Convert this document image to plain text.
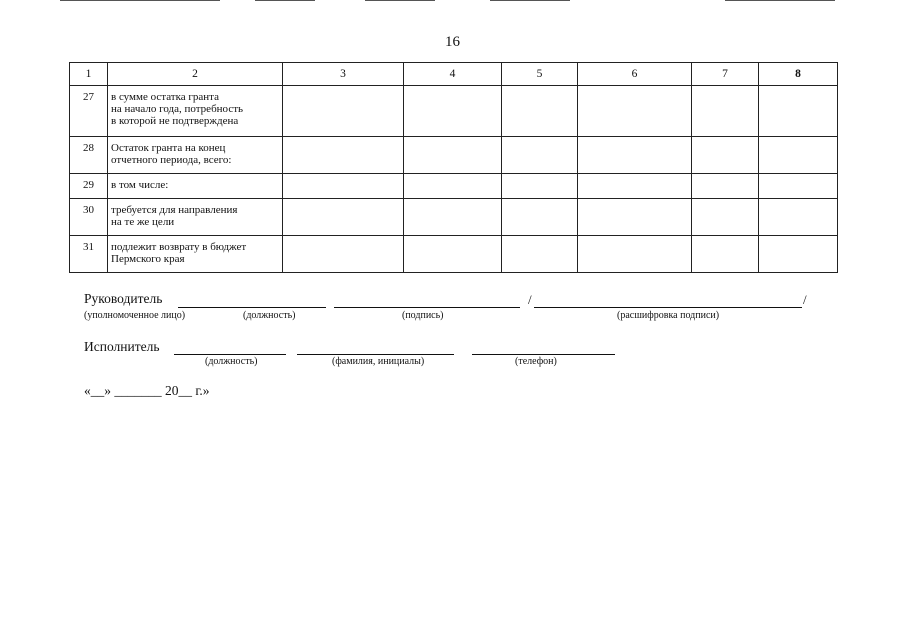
16
1	2	3	4	5	6	7	8
27	в сумме остатка гранта
на начало года, потребность
в которой не подтверждена						

28	Остаток гранта на конец
отчетного периода, всего:						

29	в том числе:						

30	требуется для направления
на те же цели						

31	подлежит возврату в бюджет
Пермского края						

Руководитель	/	/
(уполномоченное лицо)	(должность)	(подпись)	(расшифровка подписи)
Исполнитель
(должность)	(фамилия, инициалы)	(телефон)
«__» _______ 20__ г.»
